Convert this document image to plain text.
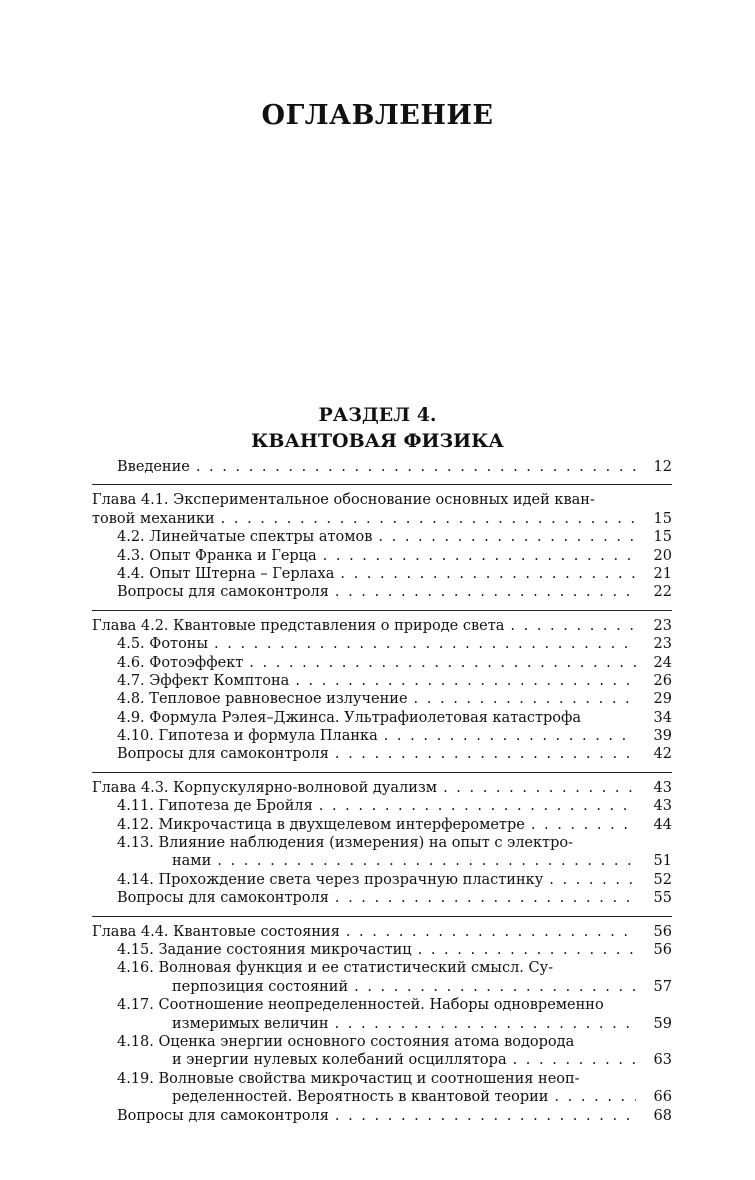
ОГЛАВЛЕНИЕ
РАЗДЕЛ 4.
КВАНТОВАЯ ФИЗИКА
Введение . . .	12
Глава 4.1. Экспериментальное обоснование основных идей кван-
товой механики . . .	15
4.2. Линейчатые спектры атомов . . .	15
4.3. Опыт Франка и Герца . . .	20
4.4. Опыт Штерна – Герлаха . . .	21
Вопросы для самоконтроля . . .	22
Глава 4.2. Квантовые представления о природе света . . .	23
4.5. Фотоны . . .	23
4.6. Фотоэффект . . .	24
4.7. Эффект Комптона . . .	26
4.8. Тепловое равновесное излучение . . .	29
4.9. Формула Рэлея–Джинса. Ультрафиолетовая катастрофа	34
4.10. Гипотеза и формула Планка . . .	39
Вопросы для самоконтроля . . .	42
Глава 4.3. Корпускулярно-волновой дуализм . . .	43
4.11. Гипотеза де Бройля . . .	43
4.12. Микрочастица в двухщелевом интерферометре . . .	44
4.13. Влияние наблюдения (измерения) на опыт с электро-
нами . . .	51
4.14. Прохождение света через прозрачную пластинку . . .	52
Вопросы для самоконтроля . . .	55
Глава 4.4. Квантовые состояния . . .	56
4.15. Задание состояния микрочастиц . . .	56
4.16. Волновая функция и ее статистический смысл. Су-
перпозиция состояний . . .	57
4.17. Соотношение неопределенностей. Наборы одновременно
измеримых величин . . .	59
4.18. Оценка энергии основного состояния атома водорода
и энергии нулевых колебаний осциллятора . . .	63
4.19. Волновые свойства микрочастиц и соотношения неоп-
ределенностей. Вероятность в квантовой теории . . .	66
Вопросы для самоконтроля . . .	68
